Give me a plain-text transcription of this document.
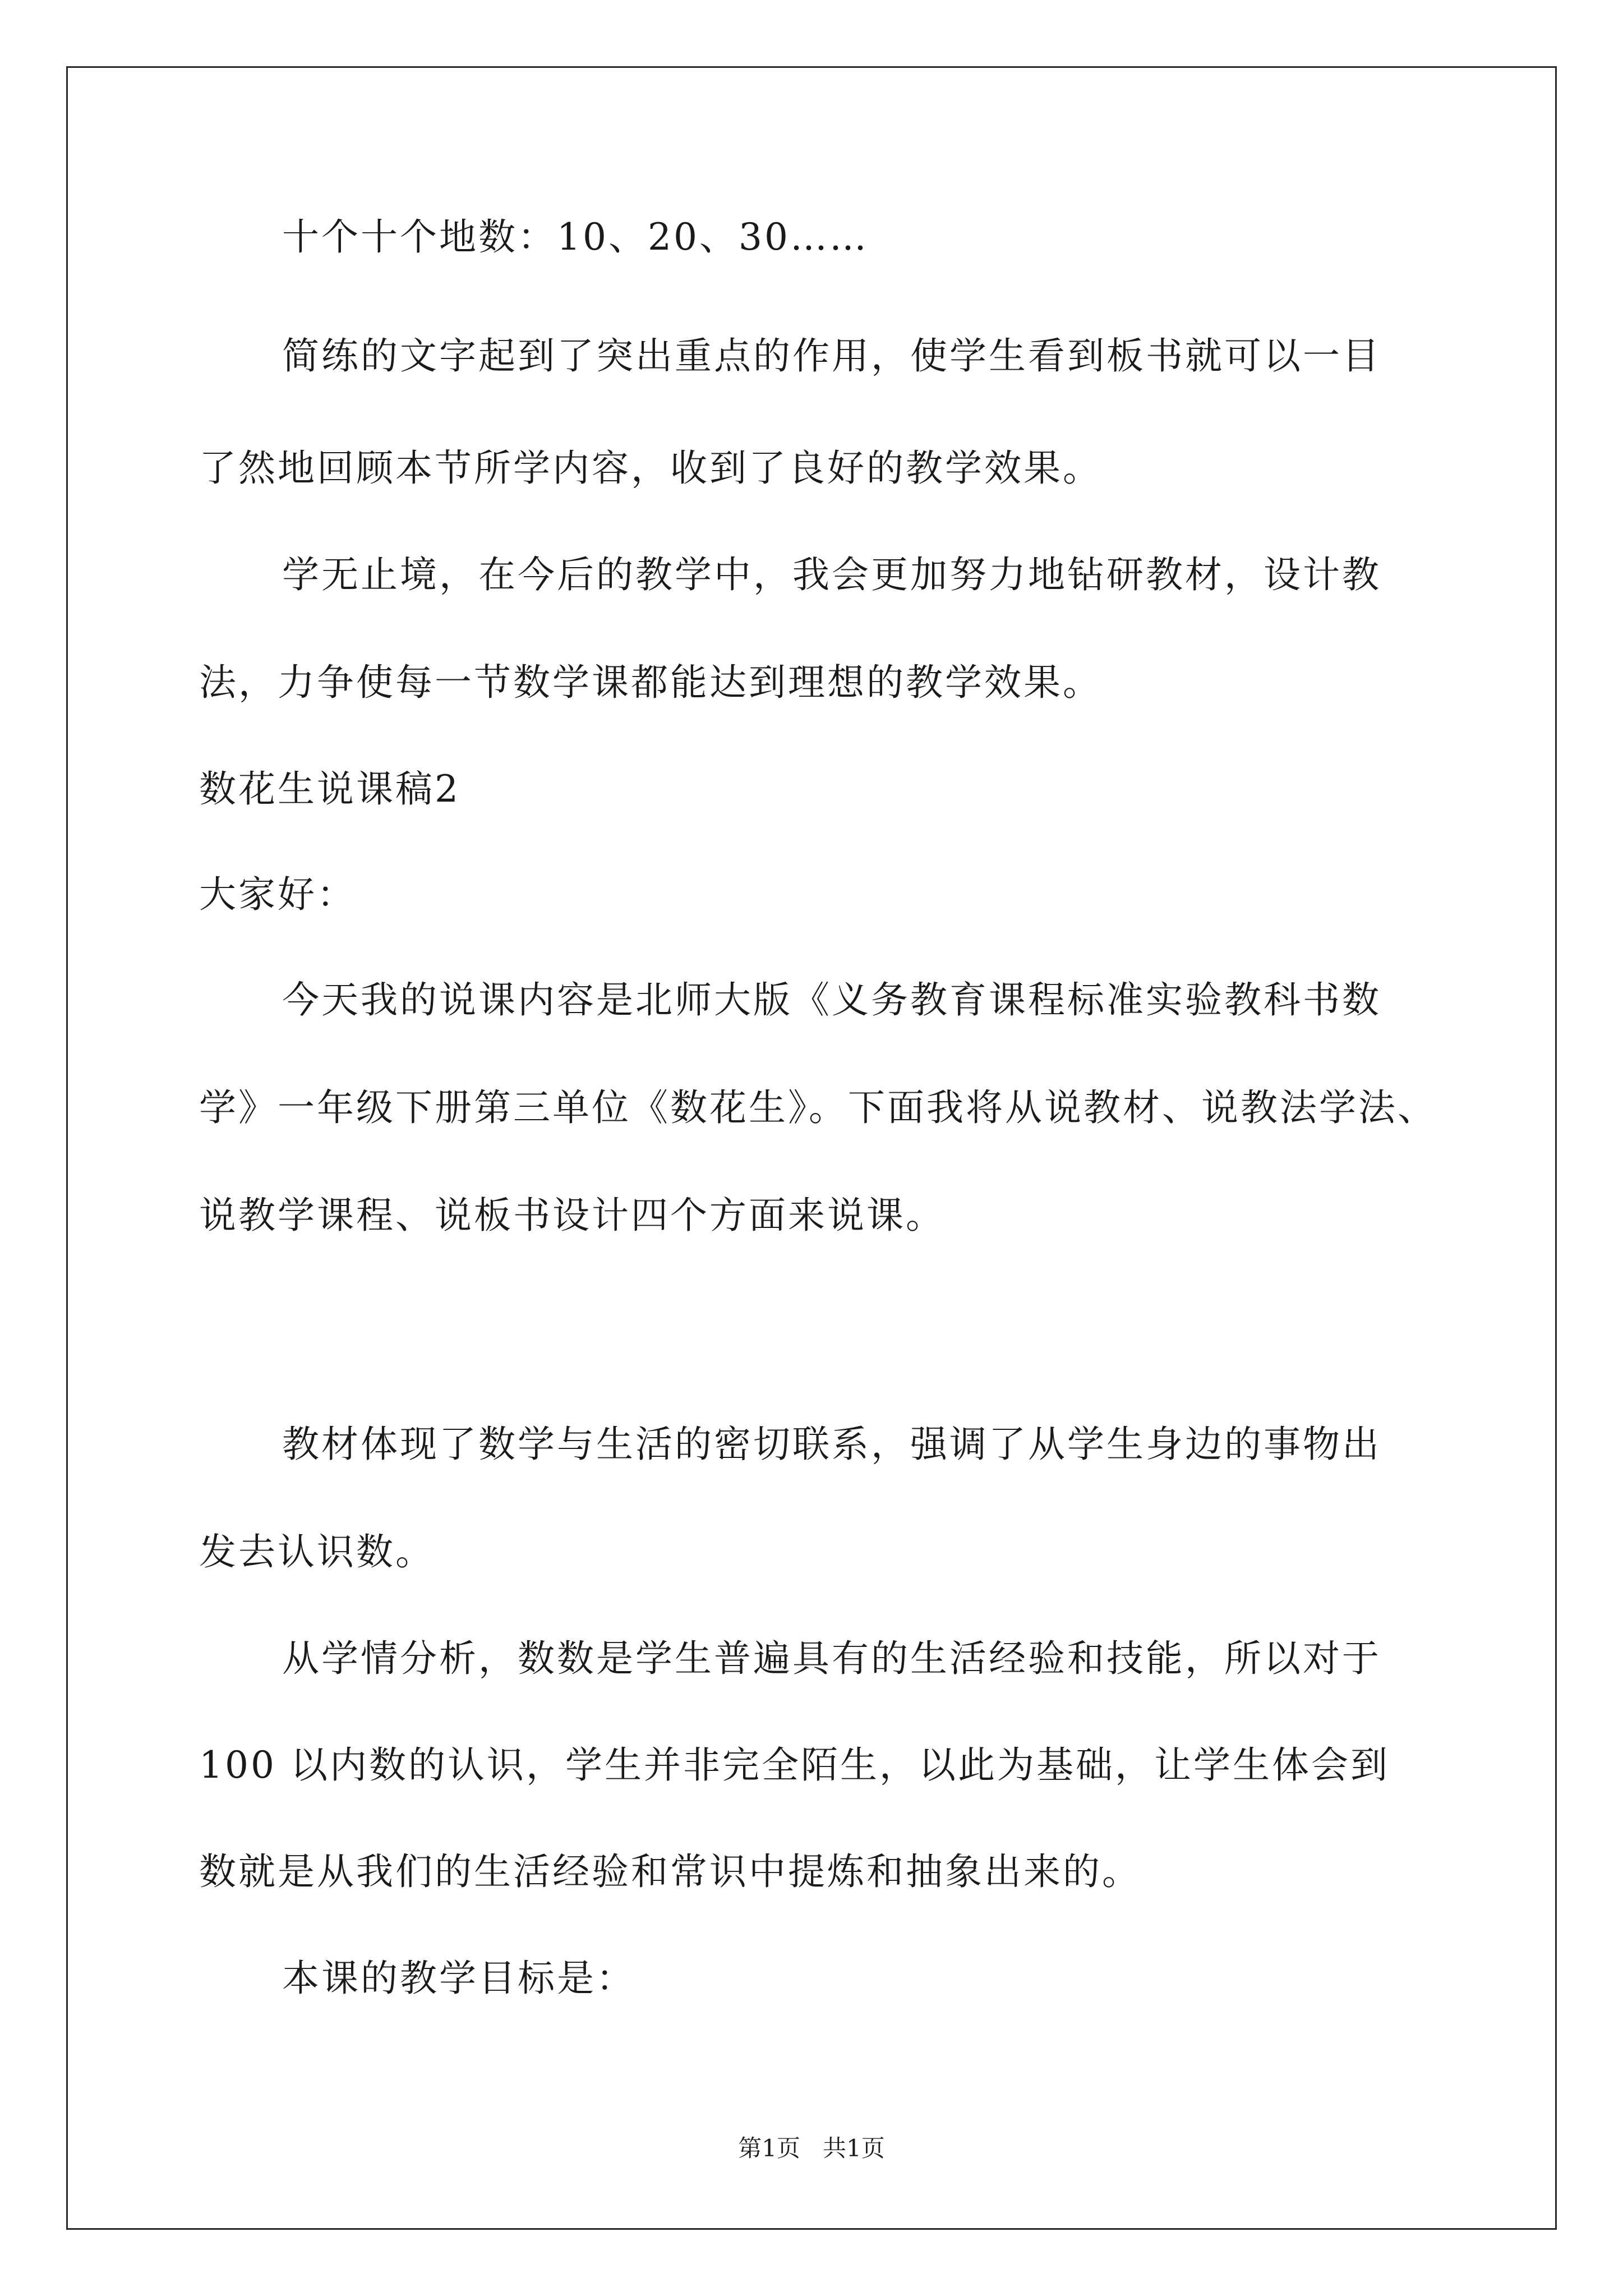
十个十个地数：10、20、30……
简练的文字起到了突出重点的作用，使学生看到板书就可以一目
了然地回顾本节所学内容，收到了良好的教学效果。
学无止境，在今后的教学中，我会更加努力地钻研教材，设计教
法，力争使每一节数学课都能达到理想的教学效果。
数花生说课稿2
大家好：
今天我的说课内容是北师大版《义务教育课程标准实验教科书数
学》一年级下册第三单位《数花生》。下面我将从说教材、说教法学法、
说教学课程、说板书设计四个方面来说课。
教材体现了数学与生活的密切联系，强调了从学生身边的事物出
发去认识数。
从学情分析，数数是学生普遍具有的生活经验和技能，所以对于
100 以内数的认识，学生并非完全陌生，以此为基础，让学生体会到
数就是从我们的生活经验和常识中提炼和抽象出来的。
本课的教学目标是：
第1页   共1页
